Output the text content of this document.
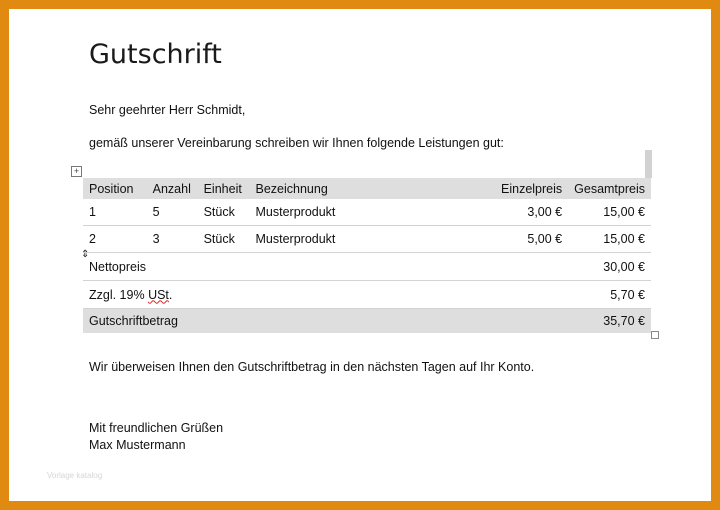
Gutschrift
Sehr geehrter Herr Schmidt,
gemäß unserer Vereinbarung schreiben wir Ihnen folgende Leistungen gut:
+
⇕
Position	Anzahl	Einheit	Bezeichnung	Einzelpreis	Gesamtpreis
1	5	Stück	Musterprodukt	3,00 €	15,00 €
2	3	Stück	Musterprodukt	5,00 €	15,00 €
Nettopreis					30,00 €
Zzgl. 19% USt.					5,70 €
Gutschriftbetrag					35,70 €
Wir überweisen Ihnen den Gutschriftbetrag in den nächsten Tagen auf Ihr Konto.
Mit freundlichen Grüßen
Max Mustermann
Vorlage katalog
